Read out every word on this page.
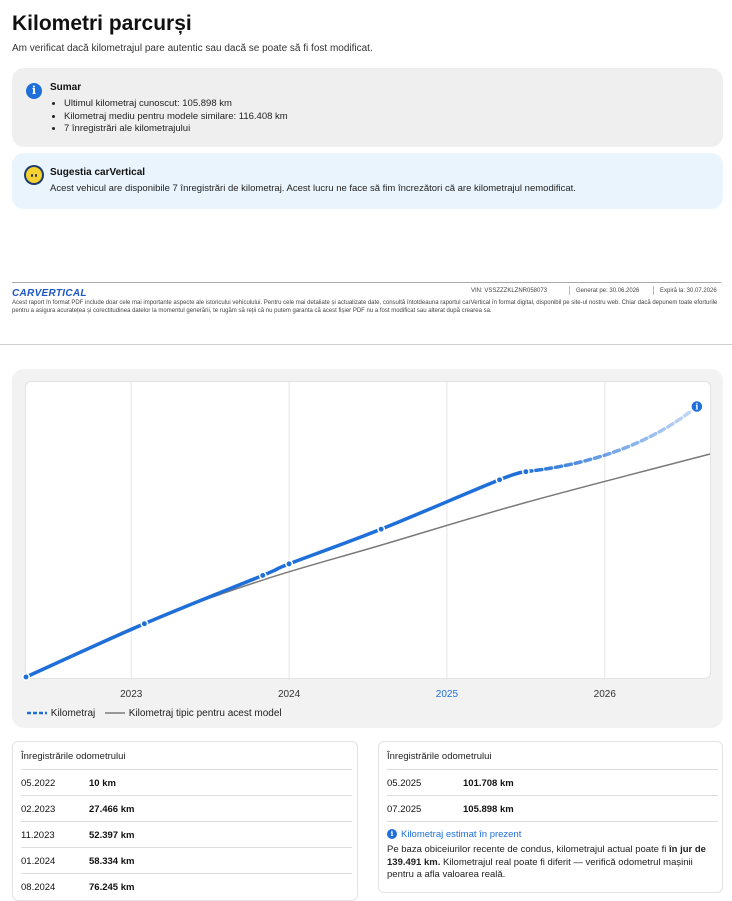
Kilometri parcurși
Am verificat dacă kilometrajul pare autentic sau dacă se poate să fi fost modificat.
i	Sumar
• Ultimul kilometraj cunoscut: 105.898 km
• Kilometraj mediu pentru modele similare: 116.408 km
• 7 înregistrări ale kilometrajului
Sugestia carVertical
Acest vehicul are disponibile 7 înregistrări de kilometraj. Acest lucru ne face să fim încrezători că are kilometrajul nemodificat.
CARVERTICAL	VIN: VSSZZZKLZNR058073	Generat pe: 30.06.2026	Expiră la: 30.07.2026
Acest raport în format PDF include doar cele mai importante aspecte ale istoricului vehiculului. Pentru cele mai detaliate și actualizate date, consultă întotdeauna raportul carVertical în format digital, disponibil pe site-ul nostru web. Chiar dacă depunem toate eforturile pentru a asigura acuratețea și corectitudinea datelor la momentul generării, te rugăm să reții că nu putem garanta că acest fișier PDF nu a fost modificat sau alterat după crearea sa.
i
2023	2024	2025	2026
Kilometraj	Kilometraj tipic pentru acest model
Înregistrările odometrului
05.2022	10 km
02.2023	27.466 km
11.2023	52.397 km
01.2024	58.334 km
08.2024	76.245 km
Înregistrările odometrului
05.2025	101.708 km
07.2025	105.898 km
i Kilometraj estimat în prezent
Pe baza obiceiurilor recente de condus, kilometrajul actual poate fi în jur de 139.491 km. Kilometrajul real poate fi diferit — verifică odometrul mașinii pentru a afla valoarea reală.
